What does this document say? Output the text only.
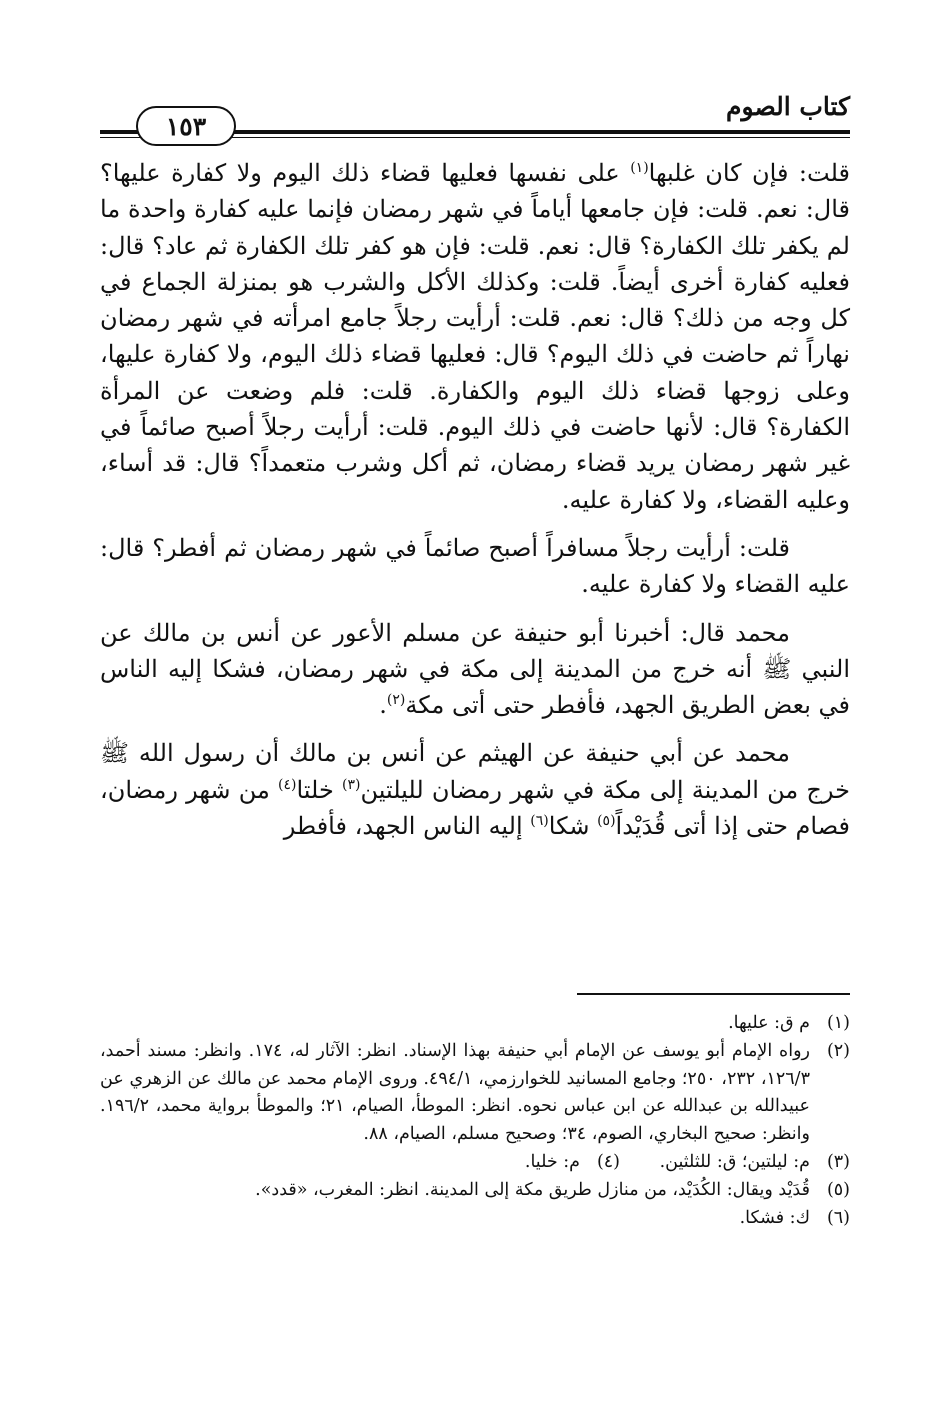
كتاب الصوم
١٥٣

قلت: فإن كان غلبها$^{(١)}$ على نفسها فعليها قضاء ذلك اليوم ولا كفارة عليها؟ قال: نعم. قلت: فإن جامعها أياماً في شهر رمضان فإنما عليه كفارة واحدة ما لم يكفر تلك الكفارة؟ قال: نعم. قلت: فإن هو كفر تلك الكفارة ثم عاد؟ قال: فعليه كفارة أخرى أيضاً. قلت: وكذلك الأكل والشرب هو بمنزلة الجماع في كل وجه من ذلك؟ قال: نعم. قلت: أرأيت رجلاً جامع امرأته في شهر رمضان نهاراً ثم حاضت في ذلك اليوم؟ قال: فعليها قضاء ذلك اليوم، ولا كفارة عليها، وعلى زوجها قضاء ذلك اليوم والكفارة. قلت: فلم وضعت عن المرأة الكفارة؟ قال: لأنها حاضت في ذلك اليوم. قلت: أرأيت رجلاً أصبح صائماً في غير شهر رمضان يريد قضاء رمضان، ثم أكل وشرب متعمداً؟ قال: قد أساء، وعليه القضاء، ولا كفارة عليه.

قلت: أرأيت رجلاً مسافراً أصبح صائماً في شهر رمضان ثم أفطر؟ قال: عليه القضاء ولا كفارة عليه.

محمد قال: أخبرنا أبو حنيفة عن مسلم الأعور عن أنس بن مالك عن النبي ﷺ أنه خرج من المدينة إلى مكة في شهر رمضان، فشكا إليه الناس في بعض الطريق الجهد، فأفطر حتى أتى مكة$^{(٢)}$.

محمد عن أبي حنيفة عن الهيثم عن أنس بن مالك أن رسول الله ﷺ خرج من المدينة إلى مكة في شهر رمضان لليلتين$^{(٣)}$ خلتا$^{(٤)}$ من شهر رمضان، فصام حتى إذا أتى قُدَيْداً$^{(٥)}$ شكا$^{(٦)}$ إليه الناس الجهد، فأفطر

(١)
م ق: عليها.
(٢)
رواه الإمام أبو يوسف عن الإمام أبي حنيفة بهذا الإسناد. انظر: الآثار له، ١٧٤. وانظر: مسند أحمد، ١٢٦/٣، ٢٣٢، ٢٥٠؛ وجامع المسانيد للخوارزمي، ٤٩٤/١. وروى الإمام محمد عن مالك عن الزهري عن عبيدالله بن عبدالله عن ابن عباس نحوه. انظر: الموطأ، الصيام، ٢١؛ والموطأ برواية محمد، ١٩٦/٢. وانظر: صحيح البخاري، الصوم، ٣٤؛ وصحيح مسلم، الصيام، ٨٨.
(٣)
م: ليلتين؛ ق: للثلثين.
(٤)
م: خليا.
(٥)
قُدَيْد ويقال: الكُدَيْد، من منازل طريق مكة إلى المدينة. انظر: المغرب، «قدد».
(٦)
ك: فشكا.
